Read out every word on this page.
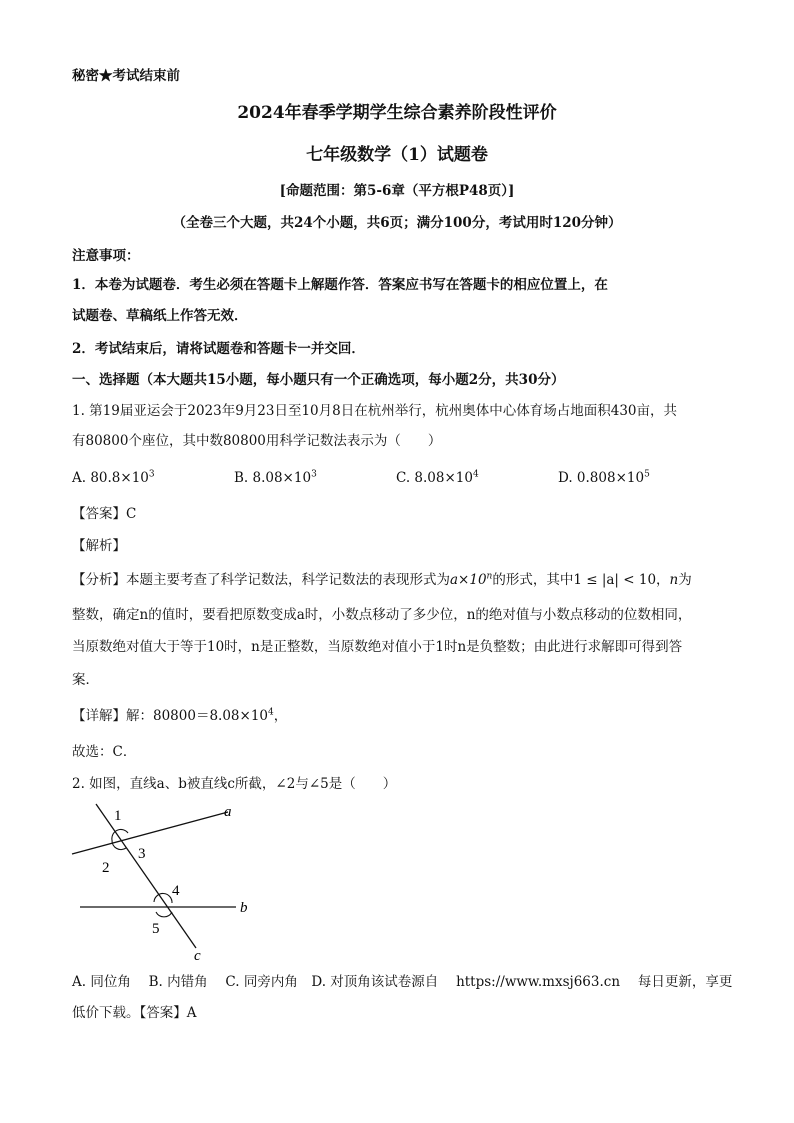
秘密★考试结束前
2024年春季学期学生综合素养阶段性评价
七年级数学（1）试题卷
[命题范围：第5-6章（平方根P48页）]
（全卷三个大题，共24个小题，共6页；满分100分，考试用时120分钟）
注意事项：
1．本卷为试题卷．考生必须在答题卡上解题作答．答案应书写在答题卡的相应位置上，在
试题卷、草稿纸上作答无效．
2．考试结束后，请将试题卷和答题卡一并交回．
一、选择题（本大题共15小题，每小题只有一个正确选项，每小题2分，共30分）
1. 第19届亚运会于2023年9月23日至10月8日在杭州举行，杭州奥体中心体育场占地面积430亩，共
有80800个座位，其中数80800用科学记数法表示为（　　）
A. $80.8\times 10^3$	B. $8.08\times 10^3$	C. $8.08\times 10^4$	D. $0.808\times 10^5$
【答案】C
【解析】
【分析】本题主要考查了科学记数法，科学记数法的表现形式为$a\times 10^n$的形式，其中1 ≤ |a| < 10，n为
整数，确定n的值时，要看把原数变成a时，小数点移动了多少位，n的绝对值与小数点移动的位数相同，
当原数绝对值大于等于10时，n是正整数，当原数绝对值小于1时n是负整数；由此进行求解即可得到答
案．
【详解】解：$80800=8.08\times 10^4$，
故选：C．
2. 如图，直线a、b被直线c所截，∠2与∠5是（　　）
1
2
3
4
5
a
b
c
A. 同位角　 B. 内错角　 C. 同旁内角　D. 对顶角该试卷源自　 https://www.mxsj663.cn　 每日更新，享更
低价下载。【答案】A
